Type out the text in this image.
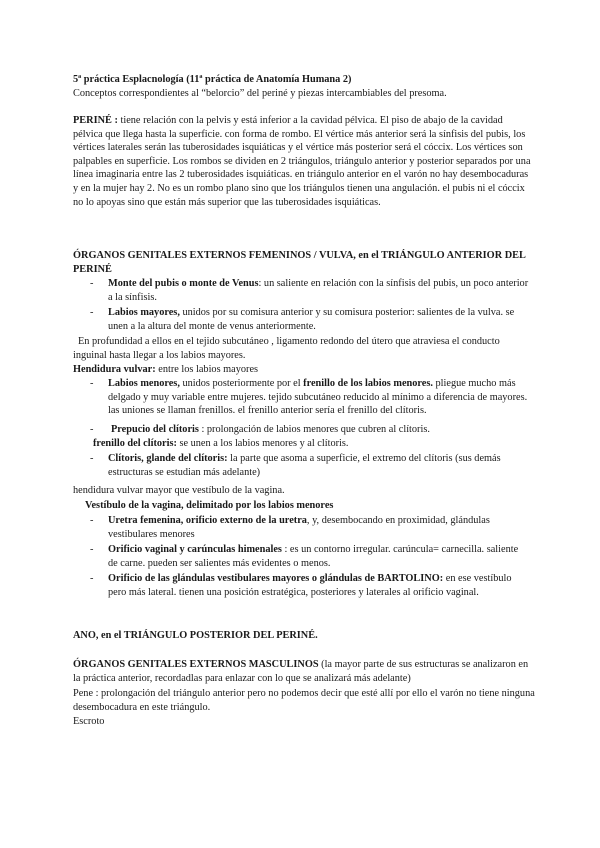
5ª práctica Esplacnología (11ª práctica de Anatomía Humana 2)

Conceptos correspondientes al “belorcio” del periné y piezas intercambiables del presoma.

PERINÉ : tiene relación con la pelvis y está inferior a la cavidad pélvica. El piso de abajo de la cavidad pélvica que llega hasta la superficie. con forma de rombo. El vértice más anterior será la sínfisis del pubis, los vértices laterales serán las tuberosidades isquiáticas y el vértice más posterior será el cóccix. Los vértices son palpables en superficie. Los rombos se dividen en 2 triángulos, triángulo anterior y posterior separados por una línea imaginaria entre las 2 tuberosidades isquiáticas. en triángulo anterior en el varón no hay desembocaduras y en la mujer hay 2. No es un rombo plano sino que los triángulos tienen una angulación. el pubis ni el cóccix no lo apoyas sino que están más superior que las tuberosidades isquiáticas.

ÓRGANOS GENITALES EXTERNOS FEMENINOS / VULVA, en el TRIÁNGULO ANTERIOR DEL PERINÉ

- Monte del pubis o monte de Venus: un saliente en relación con la sínfisis del pubis, un poco anterior a la sínfisis.

- Labios mayores, unidos por su comisura anterior y su comisura posterior: salientes de la vulva. se unen a la altura del monte de venus anteriormente.

En profundidad a ellos en el tejido subcutáneo , ligamento redondo del útero que atraviesa el conducto inguinal hasta llegar a los labios mayores.

Hendidura vulvar: entre los labios mayores

- Labios menores, unidos posteriormente por el frenillo de los labios menores. pliegue mucho más delgado y muy variable entre mujeres. tejido subcutáneo reducido al mínimo a diferencia de mayores. las uniones se llaman frenillos. el frenillo anterior sería el frenillo del clítoris.

- Prepucio del clítoris : prolongación de labios menores que cubren al clítoris.

frenillo del clítoris: se unen a los labios menores y al clítoris.

- Clítoris, glande del clítoris: la parte que asoma a superficie, el extremo del clítoris (sus demás estructuras se estudian más adelante)

hendidura vulvar mayor que vestíbulo de la vagina.

Vestíbulo de la vagina, delimitado por los labios menores

- Uretra femenina, orificio externo de la uretra, y, desembocando en proximidad, glándulas vestibulares menores

- Orificio vaginal y carúnculas himenales : es un contorno irregular. carúncula= carnecilla. saliente de carne. pueden ser salientes más evidentes o menos.

- Orificio de las glándulas vestibulares mayores o glándulas de BARTOLINO: en ese vestíbulo pero más lateral. tienen una posición estratégica, posteriores y laterales al orificio vaginal.

ANO, en el TRIÁNGULO POSTERIOR DEL PERINÉ.

ÓRGANOS GENITALES EXTERNOS MASCULINOS (la mayor parte de sus estructuras se analizaron en la práctica anterior, recordadlas para enlazar con lo que se analizará más adelante)

Pene : prolongación del triángulo anterior pero no podemos decir que esté allí por ello el varón no tiene ninguna desembocadura en este triángulo.

Escroto
